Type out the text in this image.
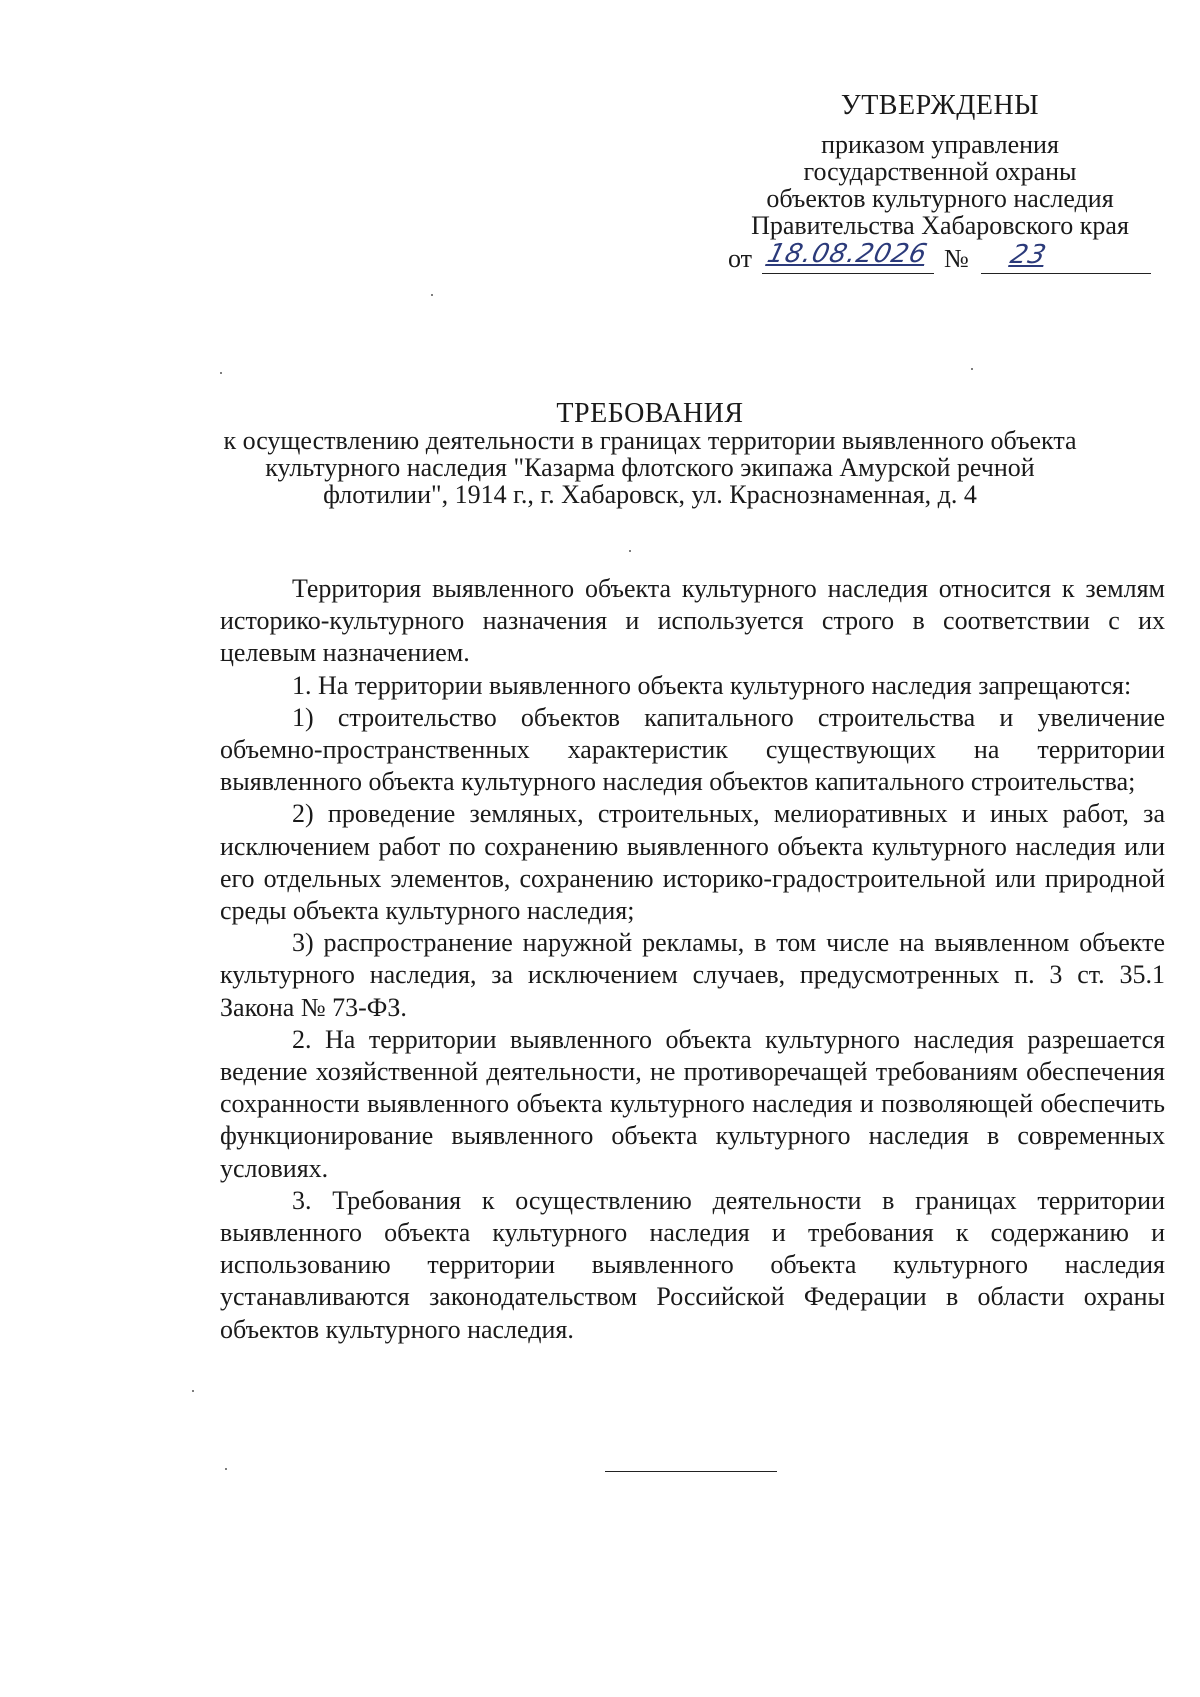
УТВЕРЖДЕНЫ
приказом управления
государственной охраны
объектов культурного наследия
Правительства Хабаровского края
от 18.08.2026 № 23
ТРЕБОВАНИЯ
к осуществлению деятельности в границах территории выявленного объекта
культурного наследия "Казарма флотского экипажа Амурской речной
флотилии", 1914 г., г. Хабаровск, ул. Краснознаменная, д. 4

Территория выявленного объекта культурного наследия относится к землям историко-культурного назначения и используется строго в соответствии с их целевым назначением.

1. На территории выявленного объекта культурного наследия запрещаются:

1) строительство объектов капитального строительства и увеличение объемно-пространственных характеристик существующих на территории выявленного объекта культурного наследия объектов капитального строительства;

2) проведение земляных, строительных, мелиоративных и иных работ, за исключением работ по сохранению выявленного объекта культурного наследия или его отдельных элементов, сохранению историко-градостроительной или природной среды объекта культурного наследия;

3) распространение наружной рекламы, в том числе на выявленном объекте культурного наследия, за исключением случаев, предусмотренных п. 3 ст. 35.1 Закона № 73-ФЗ.

2. На территории выявленного объекта культурного наследия разрешается ведение хозяйственной деятельности, не противоречащей требованиям обеспечения сохранности выявленного объекта культурного наследия и позволяющей обеспечить функционирование выявленного объекта культурного наследия в современных условиях.

3. Требования к осуществлению деятельности в границах территории выявленного объекта культурного наследия и требования к содержанию и использованию территории выявленного объекта культурного наследия устанавливаются законодательством Российской Федерации в области охраны объектов культурного наследия.
